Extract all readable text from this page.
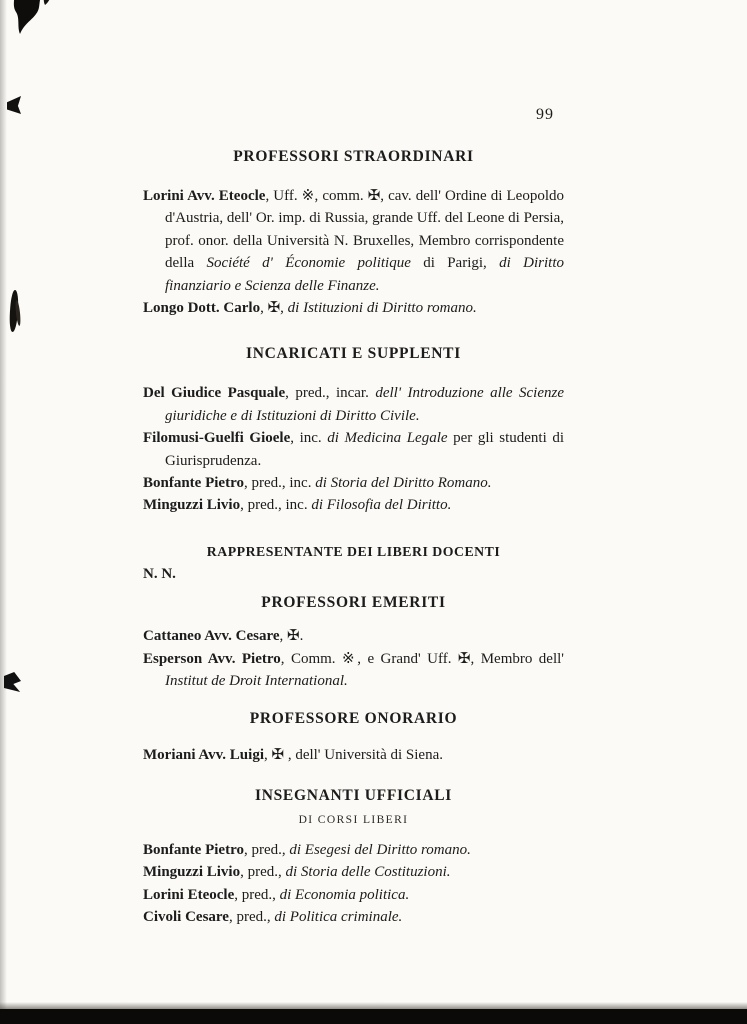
99
PROFESSORI STRAORDINARI

Lorini Avv. Eteocle, Uff. ※, comm. ✠, cav. dell' Ordine di Leopoldo d'Austria, dell' Or. imp. di Russia, grande Uff. del Leone di Persia, prof. onor. della Università N. Bruxelles, Membro corrispondente della Société d' Économie politique di Parigi, di Diritto finanziario e Scienza delle Finanze.

Longo Dott. Carlo, ✠, di Istituzioni di Diritto romano.

INCARICATI E SUPPLENTI

Del Giudice Pasquale, pred., incar. dell' Introduzione alle Scienze giuridiche e di Istituzioni di Diritto Civile.

Filomusi-Guelfi Gioele, inc. di Medicina Legale per gli studenti di Giurisprudenza.

Bonfante Pietro, pred., inc. di Storia del Diritto Romano.

Minguzzi Livio, pred., inc. di Filosofia del Diritto.

RAPPRESENTANTE DEI LIBERI DOCENTI

N. N.

PROFESSORI EMERITI

Cattaneo Avv. Cesare, ✠.

Esperson Avv. Pietro, Comm. ※, e Grand' Uff. ✠, Membro dell' Institut de Droit International.

PROFESSORE ONORARIO

Moriani Avv. Luigi, ✠ , dell' Università di Siena.

INSEGNANTI UFFICIALI
DI CORSI LIBERI

Bonfante Pietro, pred., di Esegesi del Diritto romano.

Minguzzi Livio, pred., di Storia delle Costituzioni.

Lorini Eteocle, pred., di Economia politica.

Civoli Cesare, pred., di Politica criminale.
